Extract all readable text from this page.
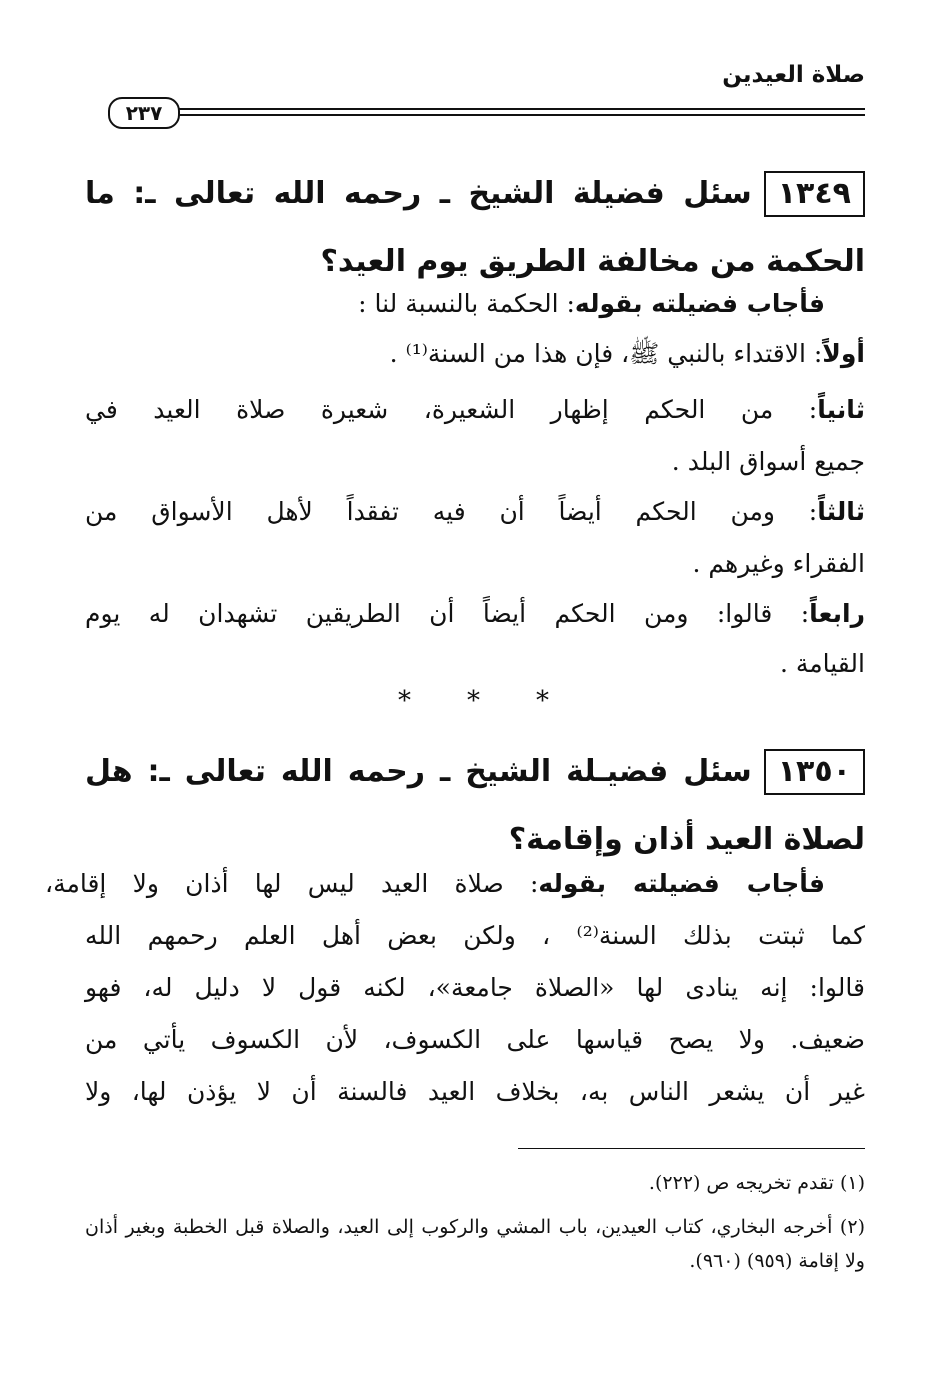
صلاة العيدين
٢٣٧
١٣٤٩سئل فضيلة الشيخ ـ رحمه الله تعالى ـ: ما الحكمة من مخالفة الطريق يوم العيد؟
فأجاب فضيلته بقوله: الحكمة بالنسبة لنا :
أولاً: الاقتداء بالنبي ﷺ، فإن هذا من السنة⁽¹⁾ .
ثانياً: من الحكم إظهار الشعيرة، شعيرة صلاة العيد في
جميع أسواق البلد .
ثالثاً: ومن الحكم أيضاً أن فيه تفقداً لأهل الأسواق من
الفقراء وغيرهم .
رابعاً: قالوا: ومن الحكم أيضاً أن الطريقين تشهدان له يوم
القيامة .
* * *
١٣٥٠سئل فضيـلة الشيخ ـ رحمه الله تعالى ـ: هل لصلاة العيد أذان وإقامة؟
فأجاب فضيلته بقوله: صلاة العيد ليس لها أذان ولا إقامة،
كما ثبتت بذلك السنة⁽²⁾ ، ولكن بعض أهل العلم رحمهم الله
قالوا: إنه ينادى لها «الصلاة جامعة»، لكنه قول لا دليل له، فهو
ضعيف. ولا يصح قياسها على الكسوف، لأن الكسوف يأتي من
غير أن يشعر الناس به، بخلاف العيد فالسنة أن لا يؤذن لها، ولا
(١) تقدم تخريجه ص (٢٢٢).
(٢) أخرجه البخاري، كتاب العيدين، باب المشي والركوب إلى العيد، والصلاة قبل الخطبة وبغير أذان ولا إقامة (٩٥٩) (٩٦٠).
